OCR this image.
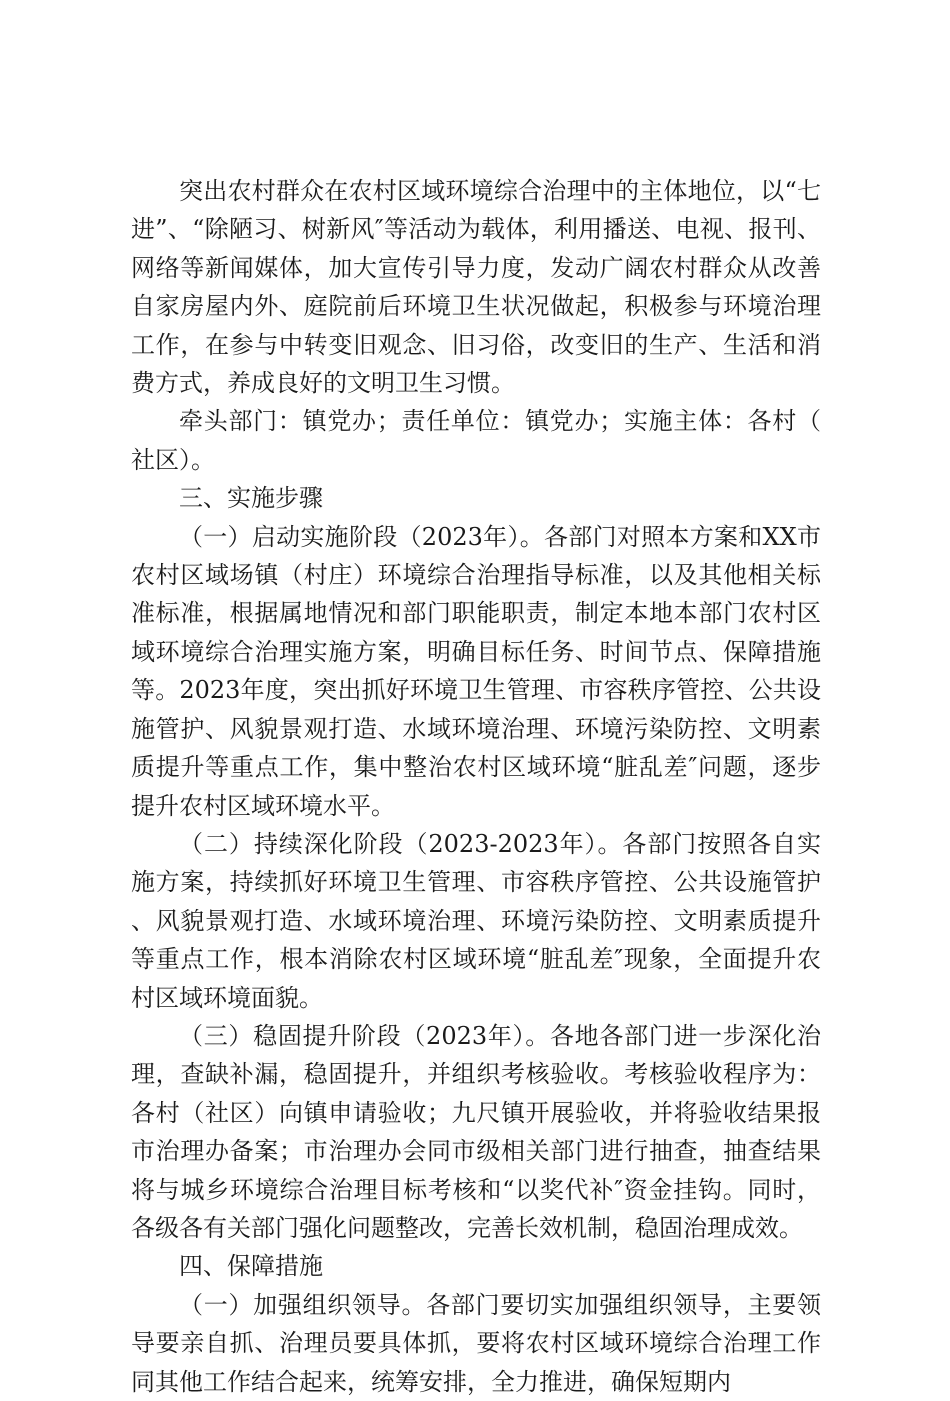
突出农村群众在农村区域环境综合治理中的主体地位，以“七进”、“除陋习、树新风″等活动为载体，利用播送、电视、报刊、网络等新闻媒体，加大宣传引导力度，发动广阔农村群众从改善自家房屋内外、庭院前后环境卫生状况做起，积极参与环境治理工作，在参与中转变旧观念、旧习俗，改变旧的生产、生活和消费方式，养成良好的文明卫生习惯。

牵头部门：镇党办；责任单位：镇党办；实施主体：各村（社区）。

三、实施步骤

（一）启动实施阶段（2023年）。各部门对照本方案和XX市农村区域场镇（村庄）环境综合治理指导标准，以及其他相关标准标准，根据属地情况和部门职能职责，制定本地本部门农村区域环境综合治理实施方案，明确目标任务、时间节点、保障措施等。2023年度，突出抓好环境卫生管理、市容秩序管控、公共设施管护、风貌景观打造、水域环境治理、环境污染防控、文明素质提升等重点工作，集中整治农村区域环境“脏乱差″问题，逐步提升农村区域环境水平。

（二）持续深化阶段（2023-2023年）。各部门按照各自实施方案，持续抓好环境卫生管理、市容秩序管控、公共设施管护、风貌景观打造、水域环境治理、环境污染防控、文明素质提升等重点工作，根本消除农村区域环境“脏乱差″现象，全面提升农村区域环境面貌。

（三）稳固提升阶段（2023年）。各地各部门进一步深化治理，查缺补漏，稳固提升，并组织考核验收。考核验收程序为：各村（社区）向镇申请验收；九尺镇开展验收，并将验收结果报市治理办备案；市治理办会同市级相关部门进行抽查，抽查结果将与城乡环境综合治理目标考核和“以奖代补″资金挂钩。同时，各级各有关部门强化问题整改，完善长效机制，稳固治理成效。

四、保障措施

（一）加强组织领导。各部门要切实加强组织领导，主要领导要亲自抓、治理员要具体抓，要将农村区域环境综合治理工作同其他工作结合起来，统筹安排，全力推进，确保短期内
